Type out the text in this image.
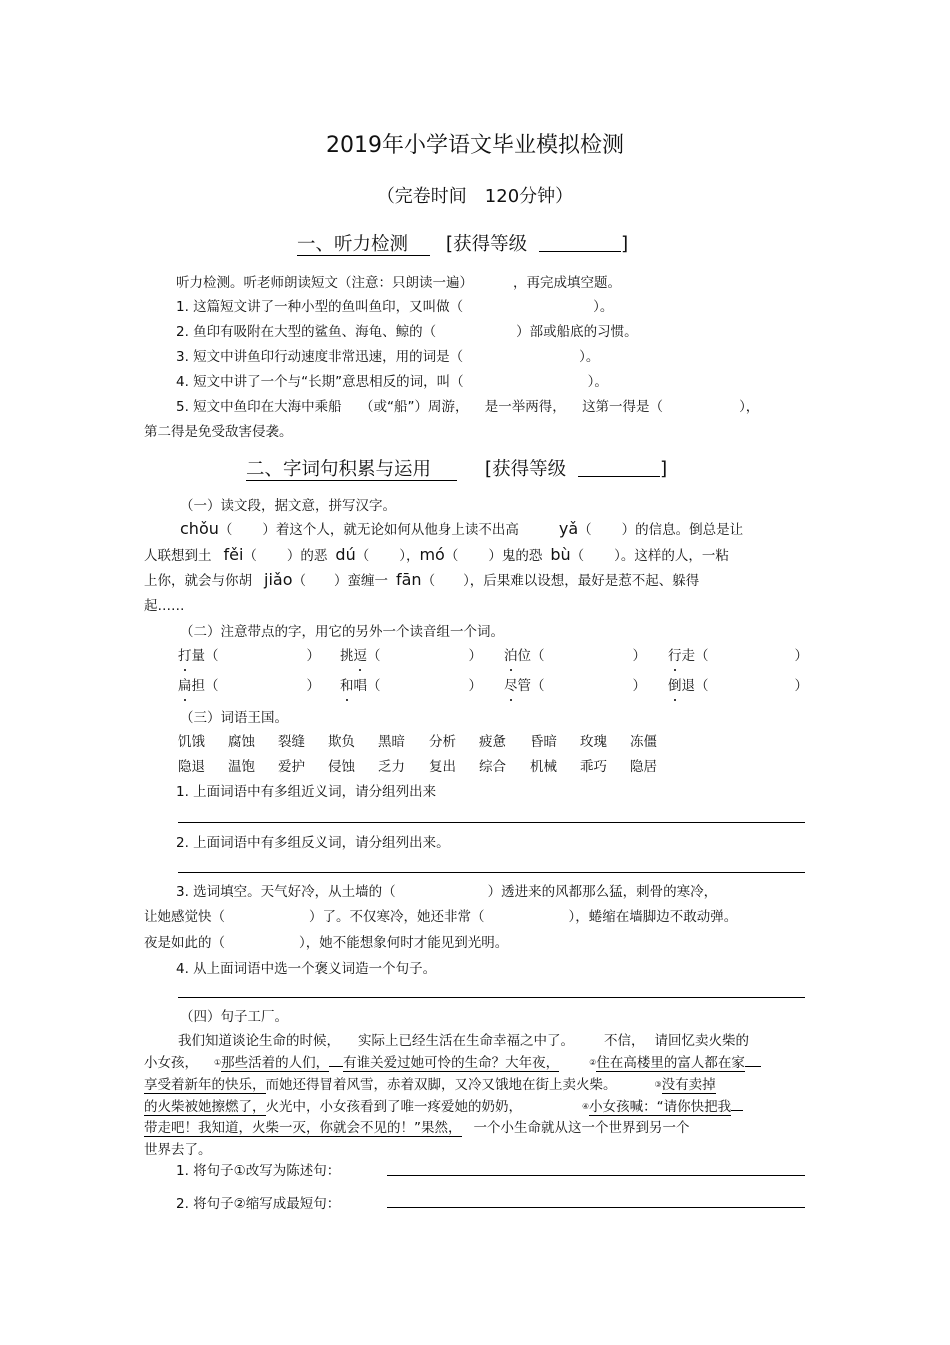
2019年小学语文毕业模拟检测
（完卷时间　120分钟）
一、听力检测 [获得等级	]
听力检测。听老师朗读短文（注意：只朗读一遍）	，再完成填空题。
1. 这篇短文讲了一种小型的鱼叫鱼印，又叫做（	）。
2. 鱼印有吸附在大型的鲨鱼、海龟、鲸的（	）部或船底的习惯。
3. 短文中讲鱼印行动速度非常迅速，用的词是（	）。
4. 短文中讲了一个与“长期”意思相反的词，叫（	）。
5. 短文中鱼印在大海中乘船 （或“船”）周游， 是一举两得， 这第一得是（	），
第二得是免受敌害侵袭。
二、字词句积累与运用	[获得等级	]
（一）读文段，据文意，拼写汉字。
chǒu（ ）着这个人，就无论如何从他身上读不出高	yǎ（ ）的信息。倒总是让
人联想到土 fěi（ ）的恶 dú（ ），mó（ ）鬼的恐 bù（ ）。这样的人，一粘
上你，就会与你胡 jiǎo（ ）蛮缠一 fān（ ），后果难以设想，最好是惹不起、躲得
起……
（二）注意带点的字，用它的另外一个读音组一个词。
打量（	） 挑逗（	） 泊位（	） 行走（	）
扁担（	） 和唱（	） 尽管（	） 倒退（	）
（三）词语王国。
饥饿 腐蚀 裂缝 欺负 黑暗 分析 疲惫 昏暗 玫瑰 冻僵
隐退 温饱 爱护 侵蚀 乏力 复出 综合 机械 乖巧 隐居
1. 上面词语中有多组近义词，请分组列出来
2. 上面词语中有多组反义词，请分组列出来。
3. 选词填空。天气好冷，从土墙的（	）透进来的风都那么猛，刺骨的寒冷，
让她感觉快（	）了。不仅寒冷，她还非常（	），蜷缩在墙脚边不敢动弹。
夜是如此的（	），她不能想象何时才能见到光明。
4. 从上面词语中选一个褒义词造一个句子。
（四）句子工厂。
我们知道谈论生命的时候， 实际上已经生活在生命幸福之中了。 不信， 请回忆卖火柴的
小女孩， ①那些活着的人们， 有谁关爱过她可怜的生命？大年夜，	②住在高楼里的富人都在家
享受着新年的快乐，而她还得冒着风雪，赤着双脚，又冷又饿地在街上卖火柴。	③没有卖掉
的火柴被她擦燃了，火光中，小女孩看到了唯一疼爱她的奶奶，	④小女孩喊：“请你快把我
带走吧！我知道，火柴一灭，你就会不见的！”果然， 一个小生命就从这一个世界到另一个
世界去了。
1. 将句子①改写为陈述句：
2. 将句子②缩写成最短句：
